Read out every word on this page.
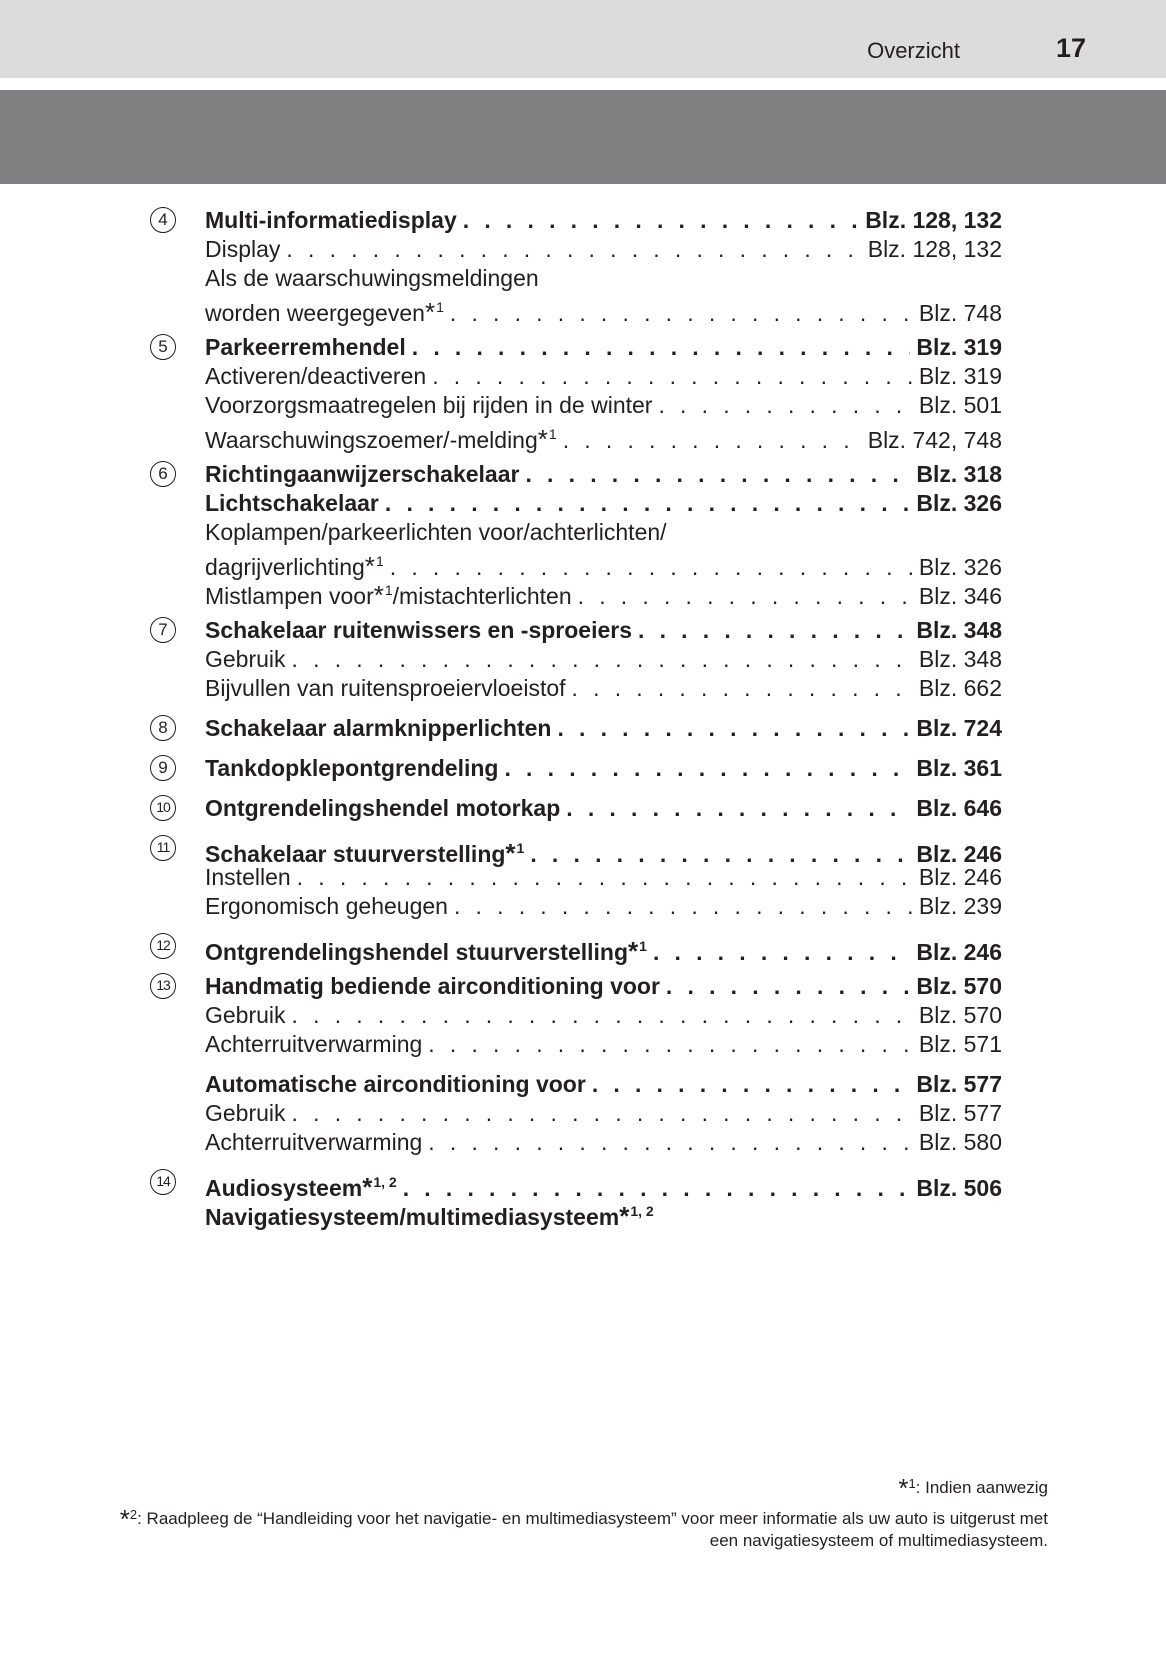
Overzicht	17
4	Multi-informatiedisplay . . .	Blz. 128, 132
Display . . .	Blz. 128, 132
Als de waarschuwingsmeldingen
worden weergegeven*$^1$ . . .	Blz. 748
5	Parkeerremhendel . . .	Blz. 319
Activeren/deactiveren . . .	Blz. 319
Voorzorgsmaatregelen bij rijden in de winter . . .	Blz. 501
Waarschuwingszoemer/-melding*$^1$ . . .	Blz. 742, 748
6	Richtingaanwijzerschakelaar . . .	Blz. 318
Lichtschakelaar . . .	Blz. 326
Koplampen/parkeerlichten voor/achterlichten/
dagrijverlichting*$^1$ . . .	Blz. 326
Mistlampen voor*$^1$/mistachterlichten . . .	Blz. 346
7	Schakelaar ruitenwissers en -sproeiers . . .	Blz. 348
Gebruik . . .	Blz. 348
Bijvullen van ruitensproeiervloeistof . . .	Blz. 662
8	Schakelaar alarmknipperlichten . . .	Blz. 724
9	Tankdopklepontgrendeling . . .	Blz. 361
10 Ontgrendelingshendel motorkap . . .	Blz. 646
11 Schakelaar stuurverstelling*$^1$ . . .	Blz. 246
Instellen . . .	Blz. 246
Ergonomisch geheugen . . .	Blz. 239
12 Ontgrendelingshendel stuurverstelling*$^1$ . . .	Blz. 246
13 Handmatig bediende airconditioning voor . . .	Blz. 570
Gebruik . . .	Blz. 570
Achterruitverwarming . . .	Blz. 571
Automatische airconditioning voor . . .	Blz. 577
Gebruik . . .	Blz. 577
Achterruitverwarming . . .	Blz. 580
14 Audiosysteem*$^{1, 2}$ . . .	Blz. 506
Navigatiesysteem/multimediasysteem*$^{1, 2}$
*$^1$: Indien aanwezig
*$^2$: Raadpleeg de “Handleiding voor het navigatie- en multimediasysteem” voor meer informatie als uw auto is uitgerust met een navigatiesysteem of multimediasysteem.
